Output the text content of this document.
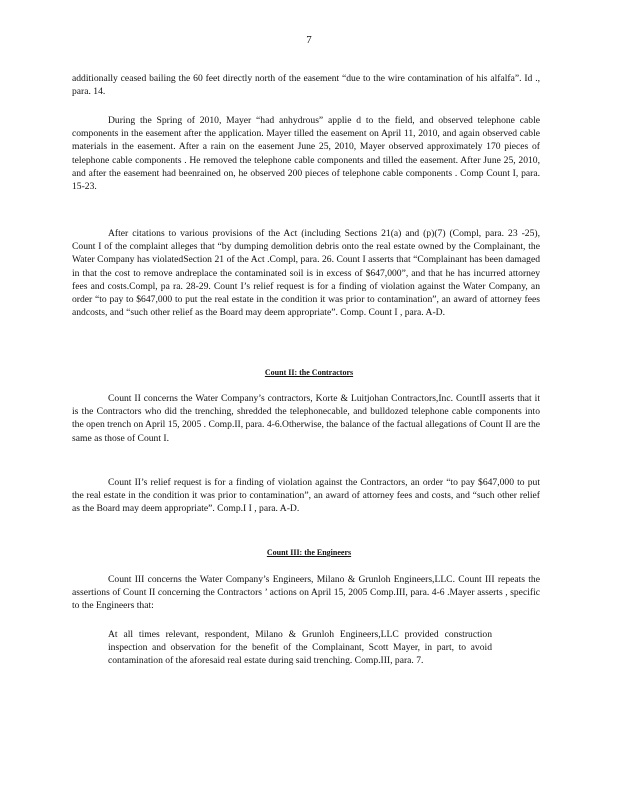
7

additionally ceased bailing the 60 feet directly north of the easement “due to the wire contamination of his alfalfa”. Id ., para. 14.

During the Spring of 2010, Mayer “had anhydrous” applie d to the field, and observed telephone cable components in the easement after the application. Mayer tilled the easement on April 11, 2010, and again observed cable materials in the easement. After a rain on the easement June 25, 2010, Mayer observed approximately 170 pieces of telephone cable components . He removed the telephone cable components and tilled the easement. After June 25, 2010, and after the easement had beenrained on, he observed 200 pieces of telephone cable components . Comp Count I, para. 15-23.

After citations to various provisions of the Act (including Sections 21(a) and (p)(7) (Compl, para. 23 -25), Count I of the complaint alleges that “by dumping demolition debris onto the real estate owned by the Complainant, the Water Company has violatedSection 21 of the Act .Compl, para. 26. Count I asserts that “Complainant has been damaged in that the cost to remove andreplace the contaminated soil is in excess of $647,000”, and that he has incurred attorney fees and costs.Compl, pa ra. 28-29. Count I’s relief request is for a finding of violation against the Water Company, an order “to pay to $647,000 to put the real estate in the condition it was prior to contamination”, an award of attorney fees andcosts, and “such other relief as the Board may deem appropriate”. Comp. Count I , para. A-D.

Count II: the Contractors

Count II concerns the Water Company’s contractors, Korte & Luitjohan Contractors,Inc. CountII asserts that it is the Contractors who did the trenching, shredded the telephonecable, and bulldozed telephone cable components into the open trench on April 15, 2005 . Comp.II, para. 4-6.Otherwise, the balance of the factual allegations of Count II are the same as those of Count I.

Count II’s relief request is for a finding of violation against the Contractors, an order “to pay $647,000 to put the real estate in the condition it was prior to contamination”, an award of attorney fees and costs, and “such other relief as the Board may deem appropriate”. Comp.I I , para. A-D.

Count III: the Engineers

Count III concerns the Water Company’s Engineers, Milano & Grunloh Engineers,LLC. Count III repeats the assertions of Count II concerning the Contractors ’ actions on April 15, 2005 Comp.III, para. 4-6 .Mayer asserts , specific to the Engineers that:

At all times relevant, respondent, Milano & Grunloh Engineers,LLC provided construction inspection and observation for the benefit of the Complainant, Scott Mayer, in part, to avoid contamination of the aforesaid real estate during said trenching. Comp.III, para. 7.
